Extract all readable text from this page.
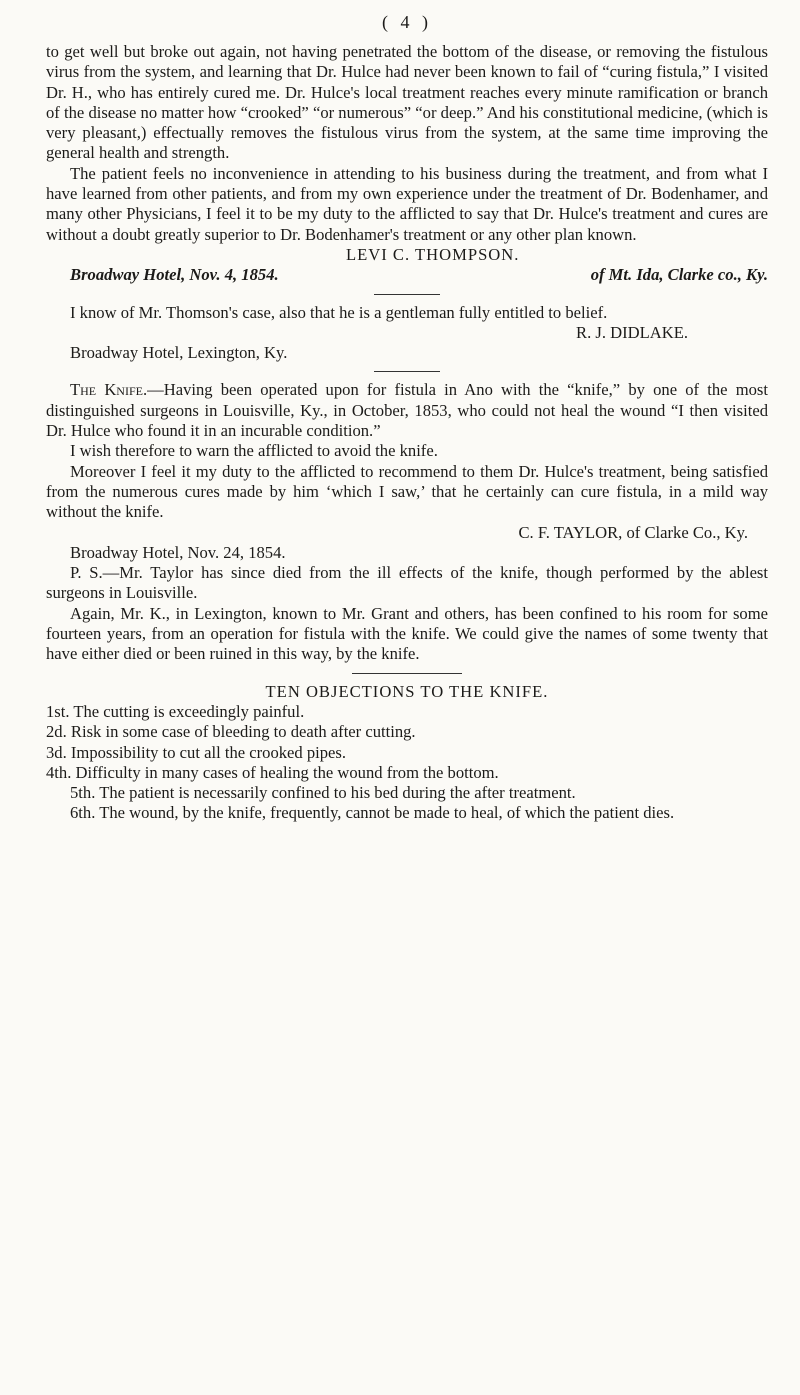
( 4 )

to get well but broke out again, not having penetrated the bottom of the disease, or removing the fistulous virus from the system, and learning that Dr. Hulce had never been known to fail of “curing fistula,” I visited Dr. H., who has entirely cured me. Dr. Hulce's local treatment reaches every minute ramification or branch of the disease no matter how “crooked” “or numerous” “or deep.” And his constitutional medicine, (which is very pleasant,) effectually removes the fistulous virus from the system, at the same time improving the general health and strength.

The patient feels no inconvenience in attending to his business during the treatment, and from what I have learned from other patients, and from my own experience under the treatment of Dr. Bodenhamer, and many other Physicians, I feel it to be my duty to the afflicted to say that Dr. Hulce's treatment and cures are without a doubt greatly superior to Dr. Bodenhamer's treatment or any other plan known.

LEVI C. THOMPSON.

Broadway Hotel, Nov. 4, 1854.	of Mt. Ida, Clarke co., Ky.

I know of Mr. Thomson's case, also that he is a gentleman fully entitled to belief.

R. J. DIDLAKE.

Broadway Hotel, Lexington, Ky.

The Knife.—Having been operated upon for fistula in Ano with the “knife,” by one of the most distinguished surgeons in Louisville, Ky., in October, 1853, who could not heal the wound “I then visited Dr. Hulce who found it in an incurable condition.”

I wish therefore to warn the afflicted to avoid the knife.

Moreover I feel it my duty to the afflicted to recommend to them Dr. Hulce's treatment, being satisfied from the numerous cures made by him ‘which I saw,’ that he certainly can cure fistula, in a mild way without the knife.

C. F. TAYLOR, of Clarke Co., Ky.

Broadway Hotel, Nov. 24, 1854.

P. S.—Mr. Taylor has since died from the ill effects of the knife, though performed by the ablest surgeons in Louisville.

Again, Mr. K., in Lexington, known to Mr. Grant and others, has been confined to his room for some fourteen years, from an operation for fistula with the knife. We could give the names of some twenty that have either died or been ruined in this way, by the knife.

TEN OBJECTIONS TO THE KNIFE.

1st. The cutting is exceedingly painful.

2d. Risk in some case of bleeding to death after cutting.

3d. Impossibility to cut all the crooked pipes.

4th. Difficulty in many cases of healing the wound from the bottom.

5th. The patient is necessarily confined to his bed during the after treatment.

6th. The wound, by the knife, frequently, cannot be made to heal, of which the patient dies.
